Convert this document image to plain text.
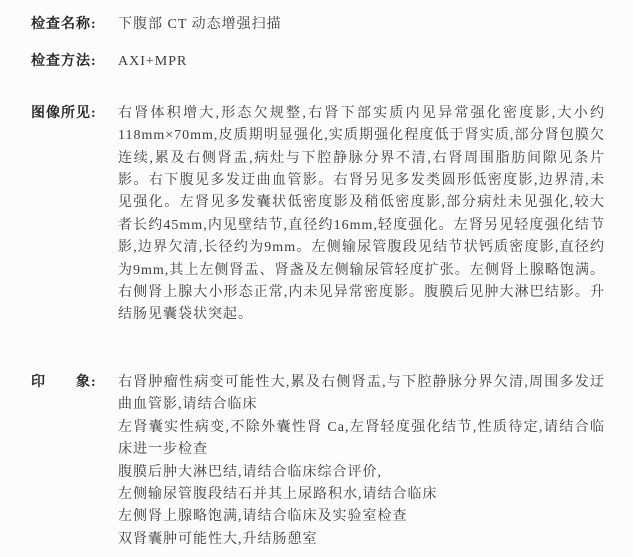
检查名称:	下腹部 CT 动态增强扫描
检查方法:	AXI+MPR
图像所见:	右肾体积增大,形态欠规整,右肾下部实质内见异常强化密度影,大小约118mm×70mm,皮质期明显强化,实质期强化程度低于肾实质,部分肾包膜欠连续,累及右侧肾盂,病灶与下腔静脉分界不清,右肾周围脂肪间隙见条片影。右下腹见多发迂曲血管影。右肾另见多发类圆形低密度影,边界清,未见强化。左肾见多发囊状低密度影及稍低密度影,部分病灶未见强化,较大者长约45mm,内见壁结节,直径约16mm,轻度强化。左肾另见轻度强化结节影,边界欠清,长径约为9mm。左侧输尿管腹段见结节状钙质密度影,直径约为9mm,其上左侧肾盂、肾盏及左侧输尿管轻度扩张。左侧肾上腺略饱满。右侧肾上腺大小形态正常,内未见异常密度影。腹膜后见肿大淋巴结影。升结肠见囊袋状突起。
印　　象:	右肾肿瘤性病变可能性大,累及右侧肾盂,与下腔静脉分界欠清,周围多发迂曲血管影,请结合临床

左肾囊实性病变,不除外囊性肾 Ca,左肾轻度强化结节,性质待定,请结合临床进一步检查

腹膜后肿大淋巴结,请结合临床综合评价,

左侧输尿管腹段结石并其上尿路积水,请结合临床

左侧肾上腺略饱满,请结合临床及实验室检查

双肾囊肿可能性大,升结肠憩室
